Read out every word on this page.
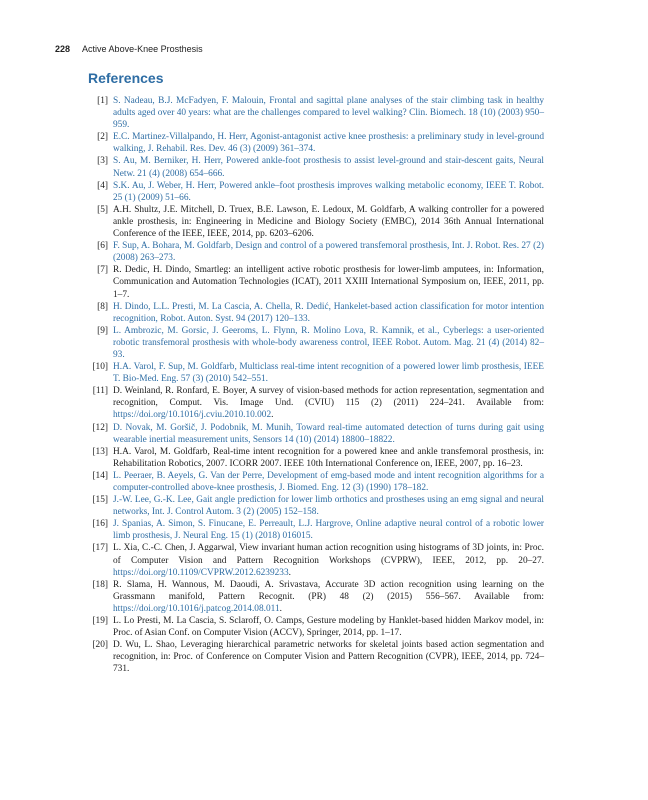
228 Active Above-Knee Prosthesis
References
[1] S. Nadeau, B.J. McFadyen, F. Malouin, Frontal and sagittal plane analyses of the stair climbing task in healthy adults aged over 40 years: what are the challenges compared to level walking? Clin. Biomech. 18 (10) (2003) 950–959.
[2] E.C. Martinez-Villalpando, H. Herr, Agonist-antagonist active knee prosthesis: a preliminary study in level-ground walking, J. Rehabil. Res. Dev. 46 (3) (2009) 361–374.
[3] S. Au, M. Berniker, H. Herr, Powered ankle-foot prosthesis to assist level-ground and stair-descent gaits, Neural Netw. 21 (4) (2008) 654–666.
[4] S.K. Au, J. Weber, H. Herr, Powered ankle–foot prosthesis improves walking metabolic economy, IEEE T. Robot. 25 (1) (2009) 51–66.
[5] A.H. Shultz, J.E. Mitchell, D. Truex, B.E. Lawson, E. Ledoux, M. Goldfarb, A walking controller for a powered ankle prosthesis, in: Engineering in Medicine and Biology Society (EMBC), 2014 36th Annual International Conference of the IEEE, IEEE, 2014, pp. 6203–6206.
[6] F. Sup, A. Bohara, M. Goldfarb, Design and control of a powered transfemoral prosthesis, Int. J. Robot. Res. 27 (2) (2008) 263–273.
[7] R. Dedic, H. Dindo, Smartleg: an intelligent active robotic prosthesis for lower-limb amputees, in: Information, Communication and Automation Technologies (ICAT), 2011 XXIII International Symposium on, IEEE, 2011, pp. 1–7.
[8] H. Dindo, L.L. Presti, M. La Cascia, A. Chella, R. Dedić, Hankelet-based action classification for motor intention recognition, Robot. Auton. Syst. 94 (2017) 120–133.
[9] L. Ambrozic, M. Gorsic, J. Geeroms, L. Flynn, R. Molino Lova, R. Kamnik, et al., Cyberlegs: a user-oriented robotic transfemoral prosthesis with whole-body awareness control, IEEE Robot. Autom. Mag. 21 (4) (2014) 82–93.
[10] H.A. Varol, F. Sup, M. Goldfarb, Multiclass real-time intent recognition of a powered lower limb prosthesis, IEEE T. Bio-Med. Eng. 57 (3) (2010) 542–551.
[11] D. Weinland, R. Ronfard, E. Boyer, A survey of vision-based methods for action representation, segmentation and recognition, Comput. Vis. Image Und. (CVIU) 115 (2) (2011) 224–241. Available from: https://doi.org/10.1016/j.cviu.2010.10.002.
[12] D. Novak, M. Goršič, J. Podobnik, M. Munih, Toward real-time automated detection of turns during gait using wearable inertial measurement units, Sensors 14 (10) (2014) 18800–18822.
[13] H.A. Varol, M. Goldfarb, Real-time intent recognition for a powered knee and ankle transfemoral prosthesis, in: Rehabilitation Robotics, 2007. ICORR 2007. IEEE 10th International Conference on, IEEE, 2007, pp. 16–23.
[14] L. Peeraer, B. Aeyels, G. Van der Perre, Development of emg-based mode and intent recognition algorithms for a computer-controlled above-knee prosthesis, J. Biomed. Eng. 12 (3) (1990) 178–182.
[15] J.-W. Lee, G.-K. Lee, Gait angle prediction for lower limb orthotics and prostheses using an emg signal and neural networks, Int. J. Control Autom. 3 (2) (2005) 152–158.
[16] J. Spanias, A. Simon, S. Finucane, E. Perreault, L.J. Hargrove, Online adaptive neural control of a robotic lower limb prosthesis, J. Neural Eng. 15 (1) (2018) 016015.
[17] L. Xia, C.-C. Chen, J. Aggarwal, View invariant human action recognition using histograms of 3D joints, in: Proc. of Computer Vision and Pattern Recognition Workshops (CVPRW), IEEE, 2012, pp. 20–27. https://doi.org/10.1109/CVPRW.2012.6239233.
[18] R. Slama, H. Wannous, M. Daoudi, A. Srivastava, Accurate 3D action recognition using learning on the Grassmann manifold, Pattern Recognit. (PR) 48 (2) (2015) 556–567. Available from: https://doi.org/10.1016/j.patcog.2014.08.011.
[19] L. Lo Presti, M. La Cascia, S. Sclaroff, O. Camps, Gesture modeling by Hanklet-based hidden Markov model, in: Proc. of Asian Conf. on Computer Vision (ACCV), Springer, 2014, pp. 1–17.
[20] D. Wu, L. Shao, Leveraging hierarchical parametric networks for skeletal joints based action segmentation and recognition, in: Proc. of Conference on Computer Vision and Pattern Recognition (CVPR), IEEE, 2014, pp. 724–731.
